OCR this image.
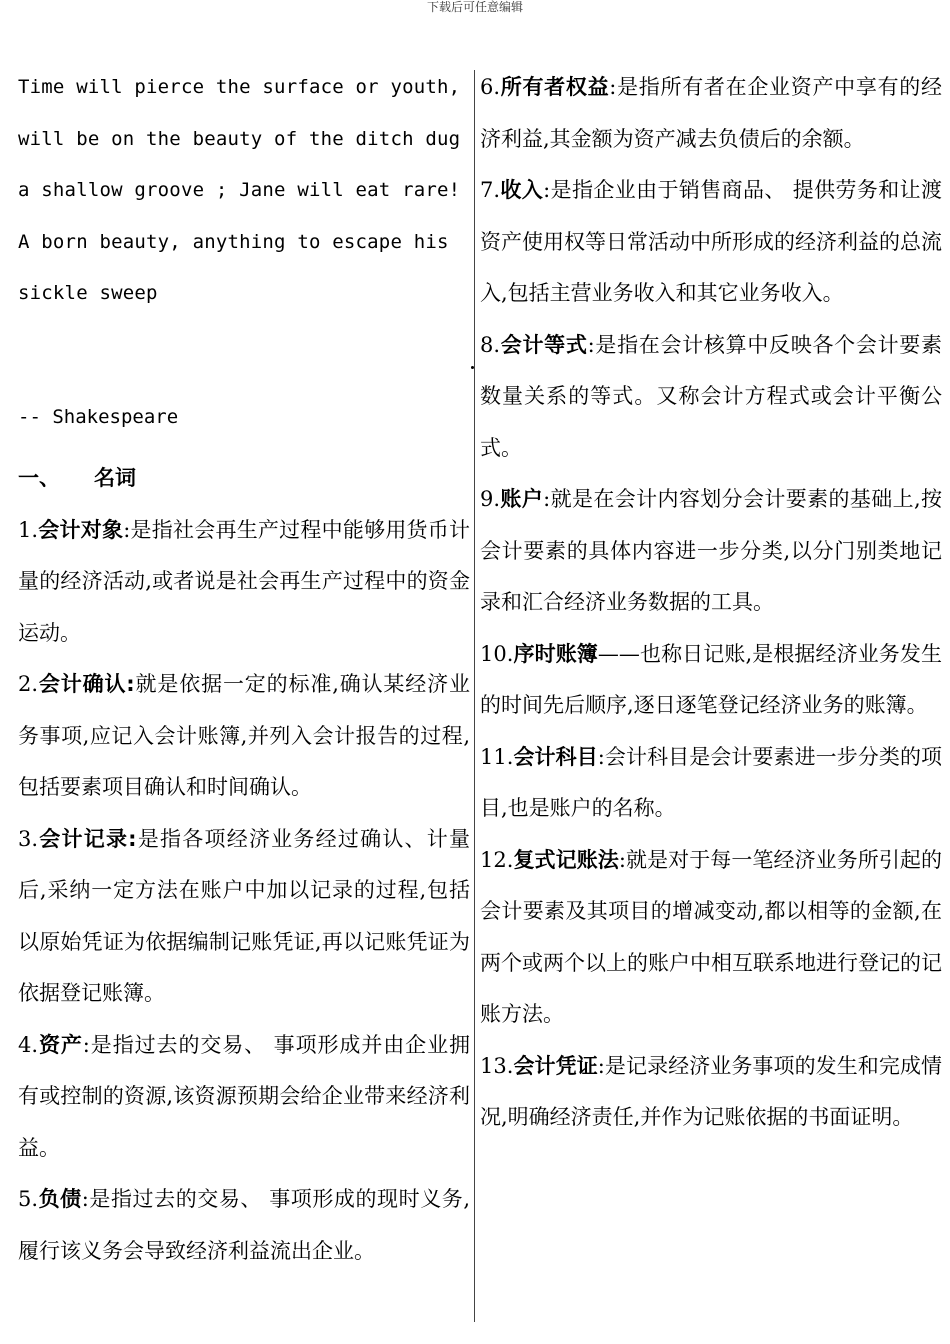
下载后可任意编辑

Time will pierce the surface or youth, will be on the beauty of the ditch dug a shallow groove ; Jane will eat rare!A born beauty, anything to escape his sickle sweep

-- Shakespeare

一、 名词

1.会计对象:是指社会再生产过程中能够用货币计量的经济活动,或者说是社会再生产过程中的资金运动。

2.会计确认:就是依据一定的标准,确认某经济业务事项,应记入会计账簿,并列入会计报告的过程,包括要素项目确认和时间确认。

3.会计记录:是指各项经济业务经过确认、计量后,采纳一定方法在账户中加以记录的过程,包括以原始凭证为依据编制记账凭证,再以记账凭证为依据登记账簿。

4.资产:是指过去的交易、 事项形成并由企业拥有或控制的资源,该资源预期会给企业带来经济利益。

5.负债:是指过去的交易、 事项形成的现时义务,履行该义务会导致经济利益流出企业。

6.所有者权益:是指所有者在企业资产中享有的经济利益,其金额为资产减去负债后的余额。

7.收入:是指企业由于销售商品、 提供劳务和让渡资产使用权等日常活动中所形成的经济利益的总流入,包括主营业务收入和其它业务收入。

8.会计等式:是指在会计核算中反映各个会计要素数量关系的等式。又称会计方程式或会计平衡公式。

9.账户:就是在会计内容划分会计要素的基础上,按会计要素的具体内容进一步分类,以分门别类地记录和汇合经济业务数据的工具。

10.序时账簿——也称日记账,是根据经济业务发生的时间先后顺序,逐日逐笔登记经济业务的账簿。

11.会计科目:会计科目是会计要素进一步分类的项目,也是账户的名称。

12.复式记账法:就是对于每一笔经济业务所引起的会计要素及其项目的增减变动,都以相等的金额,在两个或两个以上的账户中相互联系地进行登记的记账方法。

13.会计凭证:是记录经济业务事项的发生和完成情况,明确经济责任,并作为记账依据的书面证明。
